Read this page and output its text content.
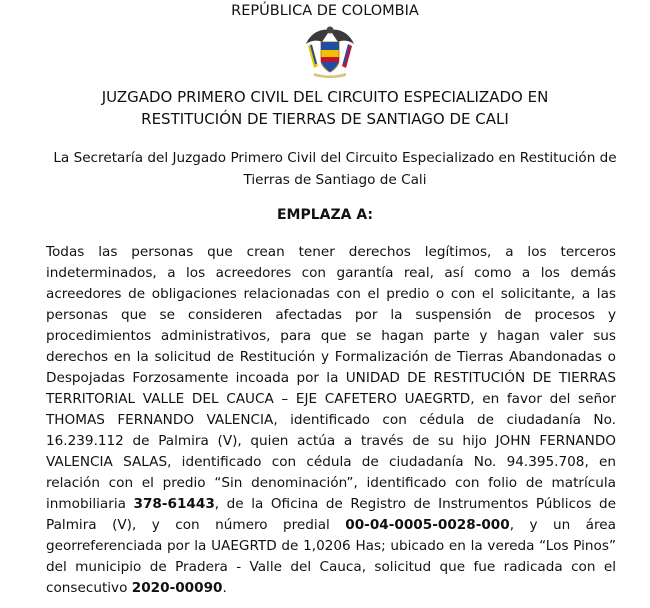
REPÚBLICA DE COLOMBIA
JUZGADO PRIMERO CIVIL DEL CIRCUITO ESPECIALIZADO EN
RESTITUCIÓN DE TIERRAS DE SANTIAGO DE CALI
La Secretaría del Juzgado Primero Civil del Circuito Especializado en Restitución de
Tierras de Santiago de Cali
EMPLAZA A:
Todas las personas que crean tener derechos legítimos, a los terceros indeterminados, a los acreedores con garantía real, así como a los demás acreedores de obligaciones relacionadas con el predio o con el solicitante, a las personas que se consideren afectadas por la suspensión de procesos y procedimientos administrativos, para que se hagan parte y hagan valer sus derechos en la solicitud de Restitución y Formalización de Tierras Abandonadas o Despojadas Forzosamente incoada por la UNIDAD DE RESTITUCIÓN DE TIERRAS TERRITORIAL VALLE DEL CAUCA – EJE CAFETERO UAEGRTD, en favor del señor THOMAS FERNANDO VALENCIA, identificado con cédula de ciudadanía No. 16.239.112 de Palmira (V), quien actúa a través de su hijo JOHN FERNANDO VALENCIA SALAS, identificado con cédula de ciudadanía No. 94.395.708, en relación con el predio “Sin denominación”, identificado con folio de matrícula inmobiliaria 378-61443, de la Oficina de Registro de Instrumentos Públicos de Palmira (V), y con número predial 00-04-0005-0028-000, y un área georreferenciada por la UAEGRTD de 1,0206 Has; ubicado en la vereda “Los Pinos” del municipio de Pradera - Valle del Cauca, solicitud que fue radicada con el consecutivo 2020-00090.
